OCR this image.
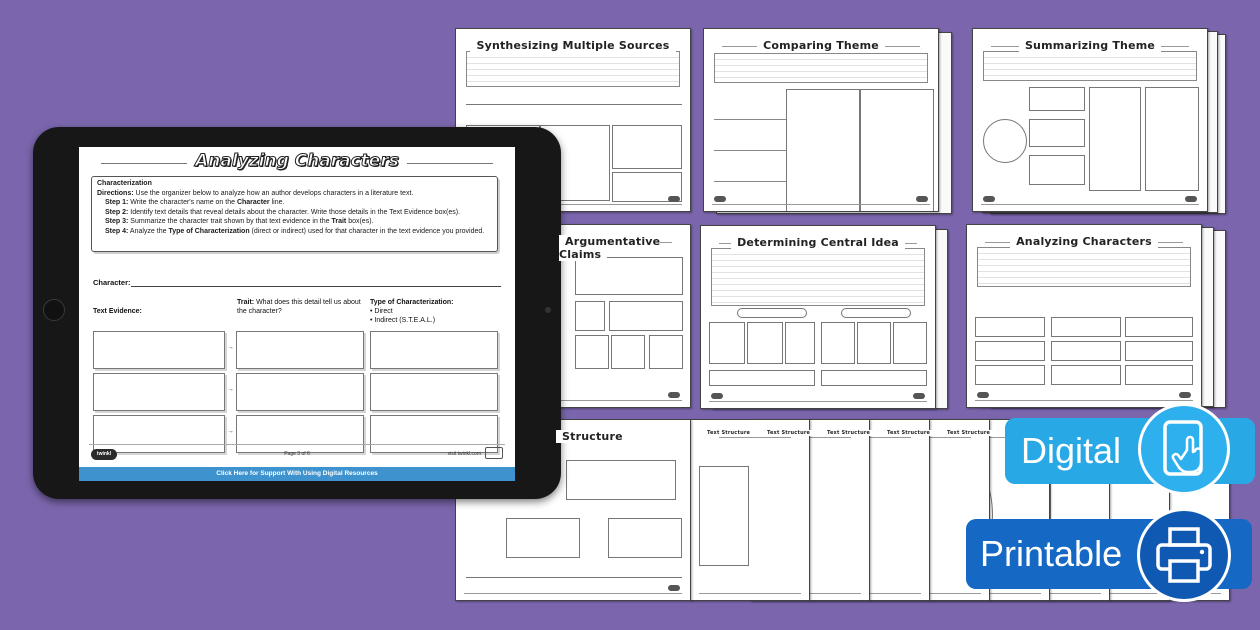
Synthesizing Multiple Sources	Comparing Theme	Summarizing Theme
Argumentative Claims
Determining Central Idea	Analyzing Characters
Text Structure
Text Structure
Text Structure
Text Structure
Text Structure
Structure
Analyzing Characters
Characterization
Directions: Use the organizer below to analyze how an author develops characters in a literature text.
Step 1: Write the character's name on the Character line.
Step 2: Identify text details that reveal details about the character. Write those details in the Text Evidence box(es).
Step 3: Summarize the character trait shown by that text evidence in the Trait box(es).
Step 4: Analyze the Type of Characterization (direct or indirect) used for that character in the text evidence you provided.
Character:
Text Evidence:
Trait: What does this detail tell us about the character?
Type of Characterization:
• Direct
• Indirect (S.T.E.A.L.)
→
→
→
twinkl	Page 3 of 6	visit twinkl.com
Click Here for Support With Using Digital Resources
Digital
Printable
